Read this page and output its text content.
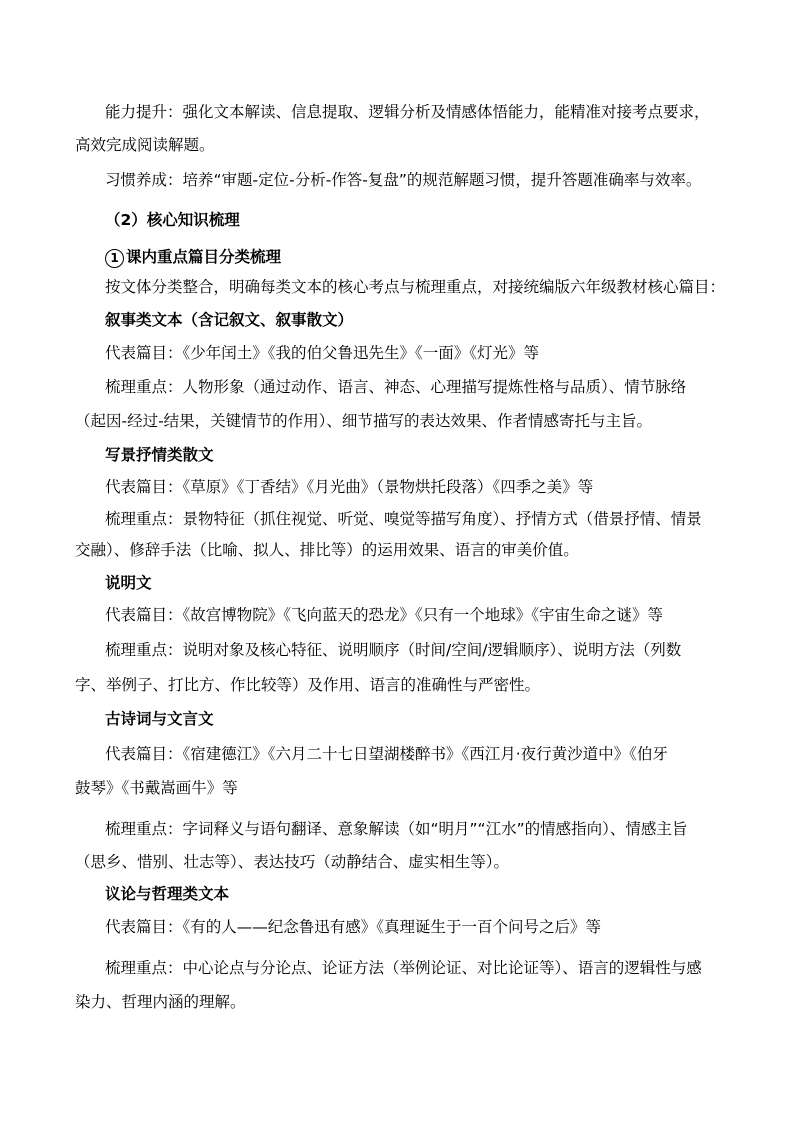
能力提升：强化文本解读、信息提取、逻辑分析及情感体悟能力，能精准对接考点要求，

高效完成阅读解题。

习惯养成：培养“审题-定位-分析-作答-复盘”的规范解题习惯，提升答题准确率与效率。

（2）核心知识梳理

1 课内重点篇目分类梳理

按文体分类整合，明确每类文本的核心考点与梳理重点，对接统编版六年级教材核心篇目：

叙事类文本（含记叙文、叙事散文）

代表篇目：《少年闰土》《我的伯父鲁迅先生》《一面》《灯光》等

梳理重点：人物形象（通过动作、语言、神态、心理描写提炼性格与品质）、情节脉络

（起因-经过-结果，关键情节的作用）、细节描写的表达效果、作者情感寄托与主旨。

写景抒情类散文

代表篇目：《草原》《丁香结》《月光曲》（景物烘托段落）《四季之美》等

梳理重点：景物特征（抓住视觉、听觉、嗅觉等描写角度）、抒情方式（借景抒情、情景

交融）、修辞手法（比喻、拟人、排比等）的运用效果、语言的审美价值。

说明文

代表篇目：《故宫博物院》《飞向蓝天的恐龙》《只有一个地球》《宇宙生命之谜》等

梳理重点：说明对象及核心特征、说明顺序（时间/空间/逻辑顺序）、说明方法（列数

字、举例子、打比方、作比较等）及作用、语言的准确性与严密性。

古诗词与文言文

代表篇目：《宿建德江》《六月二十七日望湖楼醉书》《西江月·夜行黄沙道中》《伯牙

鼓琴》《书戴嵩画牛》等

梳理重点：字词释义与语句翻译、意象解读（如“明月”“江水”的情感指向）、情感主旨

（思乡、惜别、壮志等）、表达技巧（动静结合、虚实相生等）。

议论与哲理类文本

代表篇目：《有的人——纪念鲁迅有感》《真理诞生于一百个问号之后》等

梳理重点：中心论点与分论点、论证方法（举例论证、对比论证等）、语言的逻辑性与感

染力、哲理内涵的理解。
